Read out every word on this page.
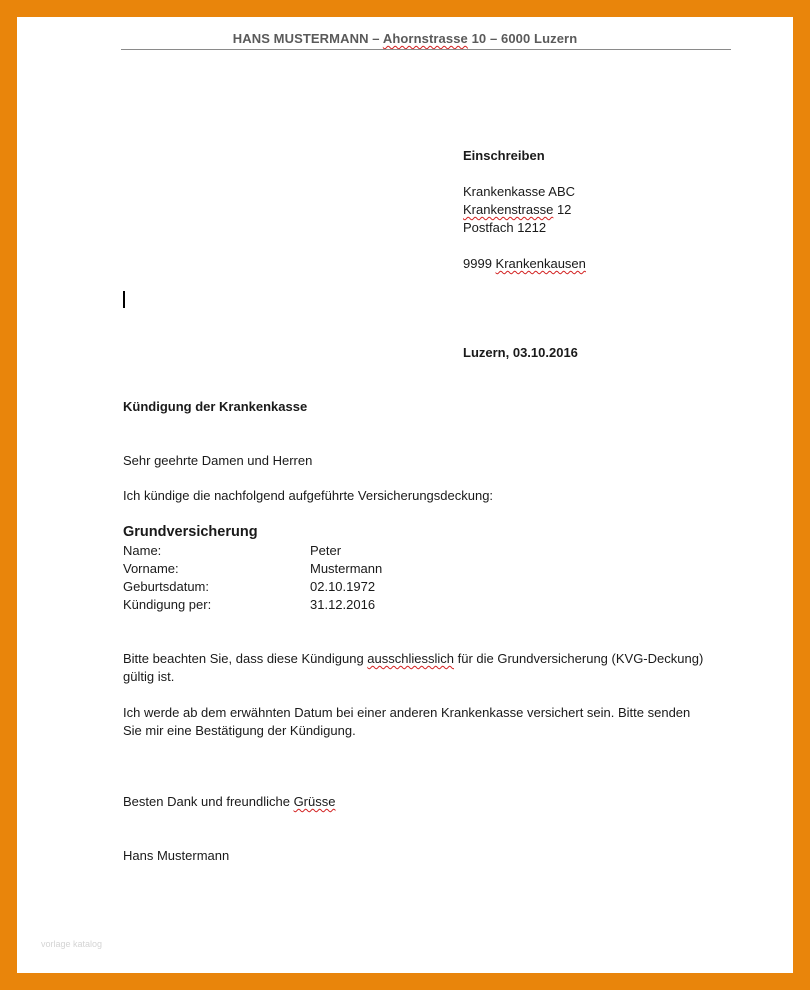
HANS MUSTERMANN – Ahornstrasse 10 – 6000 Luzern
Einschreiben
Krankenkasse ABC
Krankenstrasse 12
Postfach 1212
9999 Krankenkausen
Luzern, 03.10.2016
Kündigung der Krankenkasse
Sehr geehrte Damen und Herren
Ich kündige die nachfolgend aufgeführte Versicherungsdeckung:
Grundversicherung
Name:	Peter
Vorname:	Mustermann
Geburtsdatum:	02.10.1972
Kündigung per:	31.12.2016
Bitte beachten Sie, dass diese Kündigung ausschliesslich für die Grundversicherung (KVG-Deckung)
gültig ist.
Ich werde ab dem erwähnten Datum bei einer anderen Krankenkasse versichert sein. Bitte senden
Sie mir eine Bestätigung der Kündigung.
Besten Dank und freundliche Grüsse
Hans Mustermann
vorlage katalog
